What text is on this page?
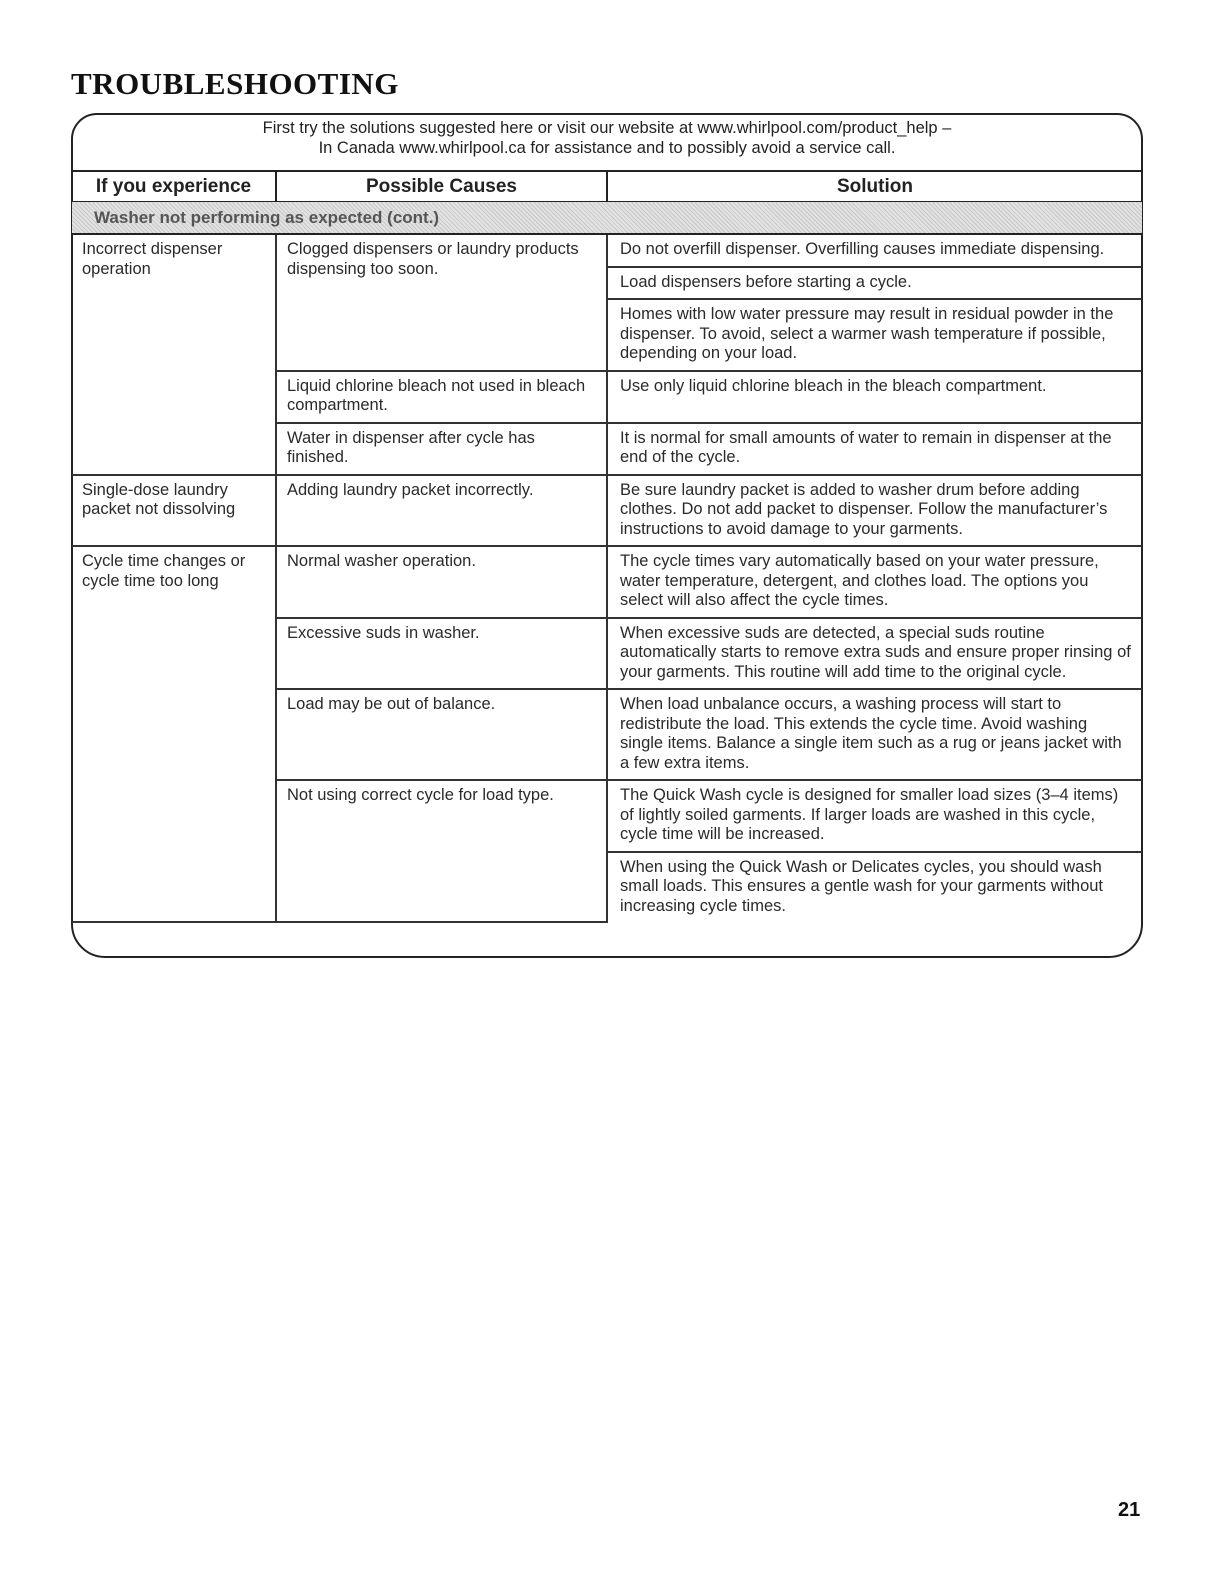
TROUBLESHOOTING
First try the solutions suggested here or visit our website at www.whirlpool.com/product_help –
In Canada www.whirlpool.ca for assistance and to possibly avoid a service call.
If you experience	Possible Causes	Solution
Washer not performing as expected (cont.)		
Incorrect dispenser operation	Clogged dispensers or laundry products dispensing too soon.	Do not overfill dispenser. Overfilling causes immediate dispensing.
		Load dispensers before starting a cycle.
		Homes with low water pressure may result in residual powder in the dispenser. To avoid, select a warmer wash temperature if possible, depending on your load.
	Liquid chlorine bleach not used in bleach compartment.	Use only liquid chlorine bleach in the bleach compartment.
	Water in dispenser after cycle has finished.	It is normal for small amounts of water to remain in dispenser at the end of the cycle.
Single-dose laundry packet not dissolving	Adding laundry packet incorrectly.	Be sure laundry packet is added to washer drum before adding clothes. Do not add packet to dispenser. Follow the manufacturer’s instructions to avoid damage to your garments.
Cycle time changes or cycle time too long	Normal washer operation.	The cycle times vary automatically based on your water pressure, water temperature, detergent, and clothes load. The options you select will also affect the cycle times.
	Excessive suds in washer.	When excessive suds are detected, a special suds routine automatically starts to remove extra suds and ensure proper rinsing of your garments. This routine will add time to the original cycle.
	Load may be out of balance.	When load unbalance occurs, a washing process will start to redistribute the load. This extends the cycle time. Avoid washing single items. Balance a single item such as a rug or jeans jacket with a few extra items.
	Not using correct cycle for load type.	The Quick Wash cycle is designed for smaller load sizes (3–4 items) of lightly soiled garments. If larger loads are washed in this cycle, cycle time will be increased.
		When using the Quick Wash or Delicates cycles, you should wash small loads. This ensures a gentle wash for your garments without increasing cycle times.
21
